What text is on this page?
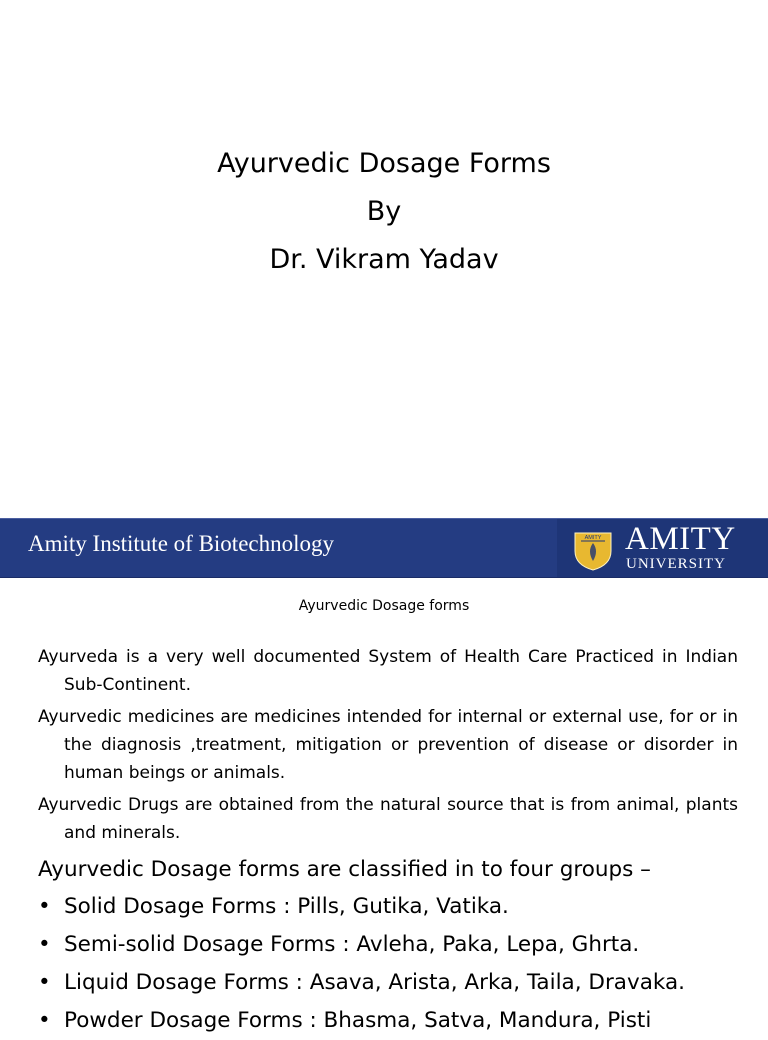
Ayurvedic Dosage Forms
By
Dr. Vikram Yadav
Amity Institute of Biotechnology	AMITY AMITY
UNIVERSITY
Ayurvedic Dosage forms
Ayurveda is a very well documented System of Health Care Practiced in Indian Sub-Continent.
Ayurvedic medicines are medicines intended for internal or external use, for or in the diagnosis ,treatment, mitigation or prevention of disease or disorder in human beings or animals.
Ayurvedic Drugs are obtained from the natural source that is from animal, plants and minerals.
Ayurvedic Dosage forms are classified in to four groups –
• Solid Dosage Forms : Pills, Gutika, Vatika.
• Semi-solid Dosage Forms : Avleha, Paka, Lepa, Ghrta.
• Liquid Dosage Forms : Asava, Arista, Arka, Taila, Dravaka.
• Powder Dosage Forms : Bhasma, Satva, Mandura, Pisti
